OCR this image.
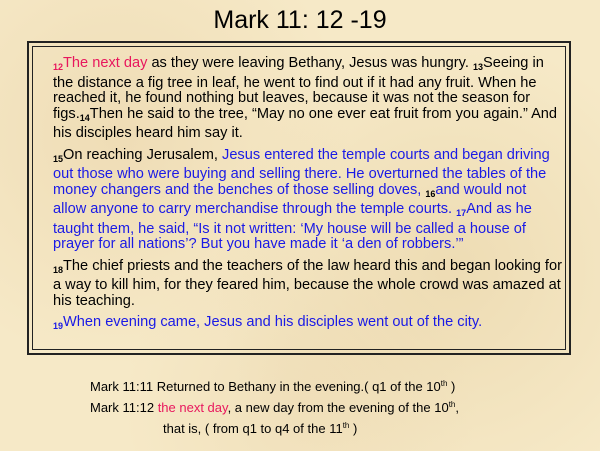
Mark 11: 12 -19

$_{12}$The next day as they were leaving Bethany, Jesus was hungry. $_{13}$Seeing in the distance a fig tree in leaf, he went to find out if it had any fruit. When he reached it, he found nothing but leaves, because it was not the season for $figs._{14}Then$ he said to the tree, “May no one ever eat fruit from you again.” And his disciples heard him say it.

$_{15}$On reaching Jerusalem, Jesus entered the temple courts and began driving out those who were buying and selling there. He overturned the tables of the money changers and the benches of those selling doves, $_{16}$and would not allow anyone to carry merchandise through the temple courts. $_{17}$And as he taught them, he said, “Is it not written: ‘My house will be called a house of prayer for all nations’? But you have made it ‘a den of robbers.’”

$_{18}$The chief priests and the teachers of the law heard this and began looking for a way to kill him, for they feared him, because the whole crowd was amazed at his teaching.

$_{19}$When evening came, Jesus and his disciples went out of the city.

Mark 11:11 Returned to Bethany in the evening.( q1 of the 10th )
Mark 11:12 the next day, a new day from the evening of the 10th,
that is, ( from q1 to q4 of the 11th )
